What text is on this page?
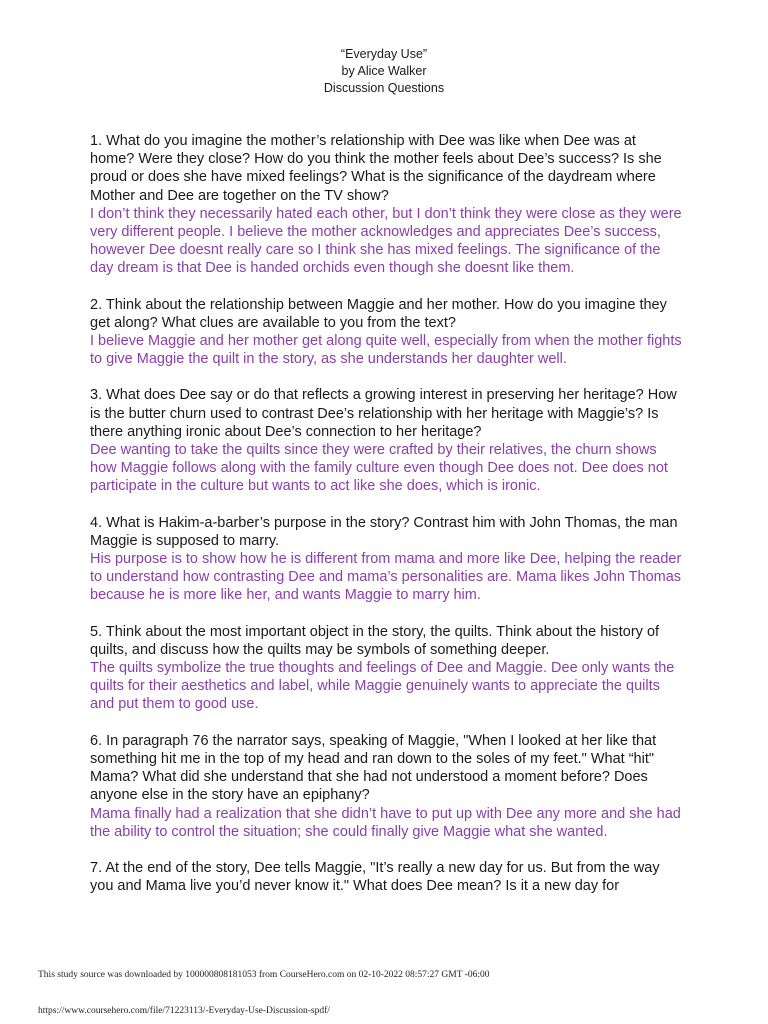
“Everyday Use”
by Alice Walker
Discussion Questions

1. What do you imagine the mother’s relationship with Dee was like when Dee was at home? Were they close? How do you think the mother feels about Dee’s success? Is she proud or does she have mixed feelings? What is the significance of the daydream where Mother and Dee are together on the TV show?

I don’t think they necessarily hated each other, but I don’t think they were close as they were very different people. I believe the mother acknowledges and appreciates Dee’s success, however Dee doesnt really care so I think she has mixed feelings. The significance of the day dream is that Dee is handed orchids even though she doesnt like them.

2. Think about the relationship between Maggie and her mother. How do you imagine they get along? What clues are available to you from the text?

I believe Maggie and her mother get along quite well, especially from when the mother fights to give Maggie the quilt in the story, as she understands her daughter well.

3. What does Dee say or do that reflects a growing interest in preserving her heritage? How is the butter churn used to contrast Dee’s relationship with her heritage with Maggie’s? Is there anything ironic about Dee’s connection to her heritage?

Dee wanting to take the quilts since they were crafted by their relatives, the churn shows how Maggie follows along with the family culture even though Dee does not. Dee does not participate in the culture but wants to act like she does, which is ironic.

4. What is Hakim-a-barber’s purpose in the story? Contrast him with John Thomas, the man Maggie is supposed to marry.

His purpose is to show how he is different from mama and more like Dee, helping the reader to understand how contrasting Dee and mama’s personalities are. Mama likes John Thomas because he is more like her, and wants Maggie to marry him.

5. Think about the most important object in the story, the quilts. Think about the history of quilts, and discuss how the quilts may be symbols of something deeper.

The quilts symbolize the true thoughts and feelings of Dee and Maggie. Dee only wants the quilts for their aesthetics and label, while Maggie genuinely wants to appreciate the quilts and put them to good use.

6. In paragraph 76 the narrator says, speaking of Maggie, "When I looked at her like that something hit me in the top of my head and ran down to the soles of my feet." What “hit" Mama? What did she understand that she had not understood a moment before? Does anyone else in the story have an epiphany?

Mama finally had a realization that she didn’t have to put up with Dee any more and she had the ability to control the situation; she could finally give Maggie what she wanted.

7. At the end of the story, Dee tells Maggie, "It’s really a new day for us. But from the way you and Mama live you’d never know it." What does Dee mean? Is it a new day for

This study source was downloaded by 100000808181053 from CourseHero.com on 02-10-2022 08:57:27 GMT -06:00
https://www.coursehero.com/file/71223113/-Everyday-Use-Discussion-spdf/
